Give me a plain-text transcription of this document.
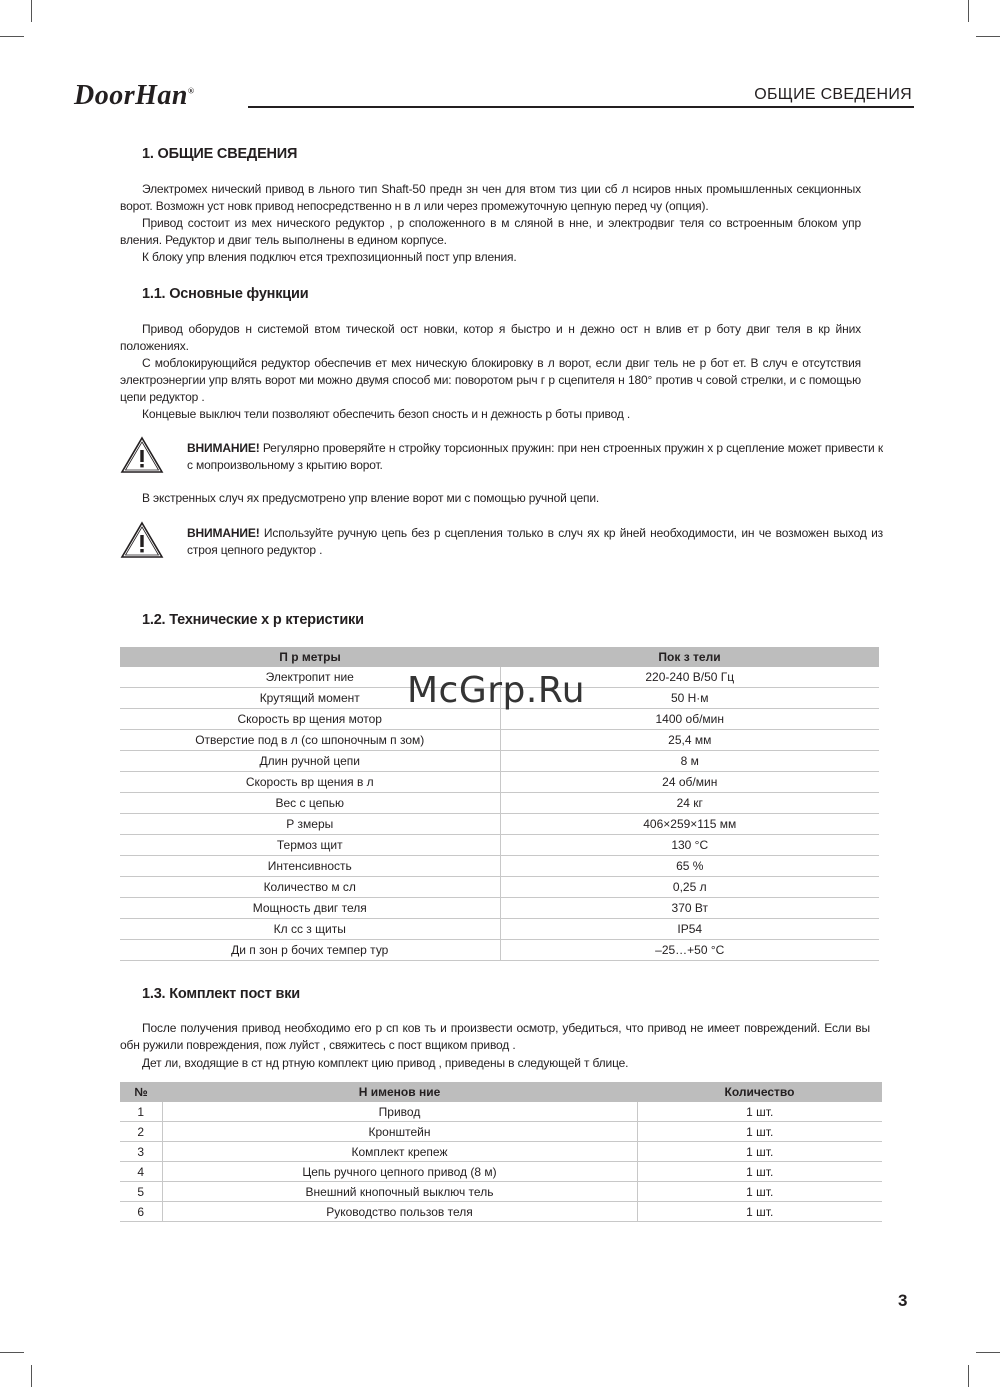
DoorHan®	ОБЩИЕ СВЕДЕНИЯ
1. ОБЩИЕ СВЕДЕНИЯ

Электромех нический привод в льного тип Shaft-50 предн зн чен для втом тиз ции сб л нсиров нных промышленных секционных ворот. Возможн уст новк привод непосредственно н в л или через промежуточную цепную перед чу (опция).

Привод состоит из мех нического редуктор , р сположенного в м сляной в нне, и электродвиг теля со встроенным блоком упр вления. Редуктор и двиг тель выполнены в едином корпусе.

К блоку упр вления подключ ется трехпозиционный пост упр вления.

1.1. Основные функции

Привод оборудов н системой втом тической ост новки, котор я быстро и н дежно ост н влив ет р боту двиг теля в кр йних положениях.

С моблокирующийся редуктор обеспечив ет мех ническую блокировку в л ворот, если двиг тель не р бот ет. В случ е отсутствия электроэнергии упр влять ворот ми можно двумя способ ми: поворотом рыч г р сцепителя н 180° против ч совой стрелки, и с помощью цепи редуктор .

Концевые выключ тели позволяют обеспечить безоп сность и н дежность р боты привод .

ВНИМАНИЕ! Регулярно проверяйте н стройку торсионных пружин: при нен строенных пружин х р сцепление может привести к с мопроизвольному з крытию ворот.

В экстренных случ ях предусмотрено упр вление ворот ми с помощью ручной цепи.

ВНИМАНИЕ! Используйте ручную цепь без р сцепления только в случ ях кр йней необходимости, ин че возможен выход из строя цепного редуктор .

1.2. Технические х р ктеристики
П р метры	Пок з тели
Электропит ние	220-240 В/50 Гц
Крутящий момент	50 Н·м
Скорость вр щения мотор	1400 об/мин
Отверстие под в л (со шпоночным п зом)	25,4 мм
Длин ручной цепи	8 м
Скорость вр щения в л	24 об/мин
Вес с цепью	24 кг
Р змеры	406×259×115 мм
Термоз щит	130 °С
Интенсивность	65 %
Количество м сл	0,25 л
Мощность двиг теля	370 Вт
Кл сс з щиты	IP54
Ди п зон р бочих темпер тур	–25…+50 °С
McGrp.Ru
1.3. Комплект пост вки

После получения привод необходимо его р сп ков ть и произвести осмотр, убедиться, что привод не имеет повреждений. Если вы обн ружили повреждения, пож луйст , свяжитесь с пост вщиком привод .

Дет ли, входящие в ст нд ртную комплект цию привод , приведены в следующей т блице.

№	Н именов ние	Количество
1	Привод	1 шт.
2	Кронштейн	1 шт.
3	Комплект крепеж	1 шт.
4	Цепь ручного цепного привод (8 м)	1 шт.
5	Внешний кнопочный выключ тель	1 шт.
6	Руководство пользов теля	1 шт.
3
